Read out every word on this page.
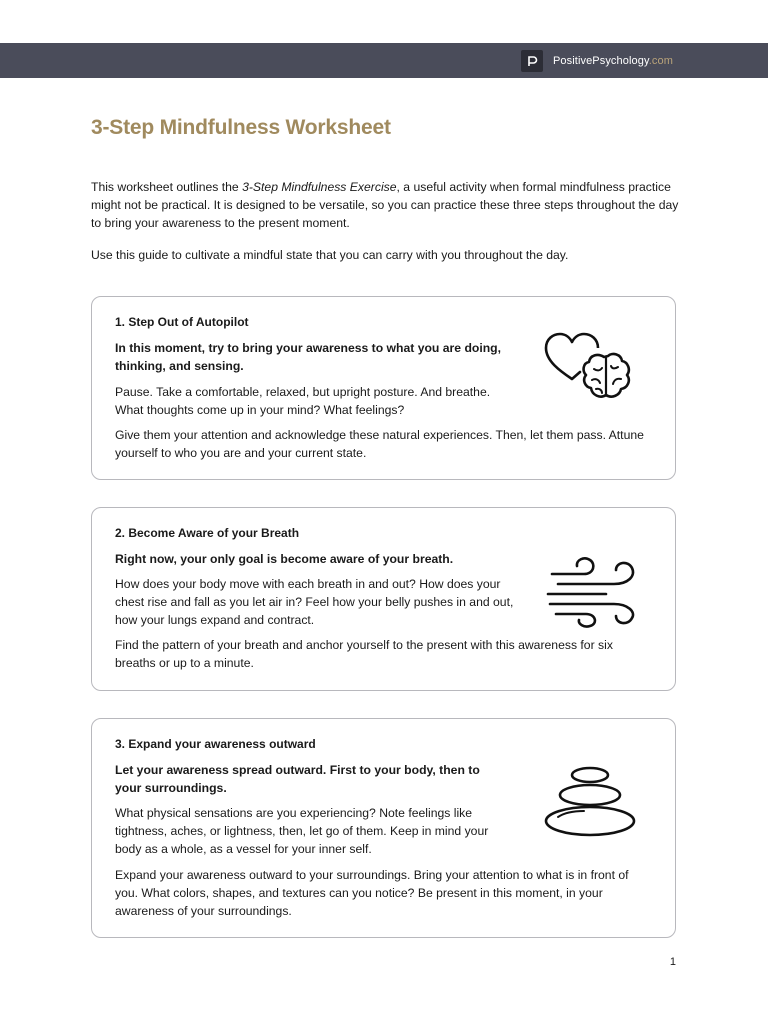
PositivePsychology.com
3-Step Mindfulness Worksheet

This worksheet outlines the 3-Step Mindfulness Exercise, a useful activity when formal mindfulness practice might not be practical. It is designed to be versatile, so you can practice these three steps throughout the day to bring your awareness to the present moment.

Use this guide to cultivate a mindful state that you can carry with you throughout the day.

1. Step Out of Autopilot

In this moment, try to bring your awareness to what you are doing, thinking, and sensing.

Pause. Take a comfortable, relaxed, but upright posture. And breathe. What thoughts come up in your mind? What feelings?

Give them your attention and acknowledge these natural experiences. Then, let them pass. Attune yourself to who you are and your current state.

2. Become Aware of your Breath

Right now, your only goal is become aware of your breath.

How does your body move with each breath in and out? How does your chest rise and fall as you let air in? Feel how your belly pushes in and out, how your lungs expand and contract.

Find the pattern of your breath and anchor yourself to the present with this awareness for six breaths or up to a minute.

3. Expand your awareness outward

Let your awareness spread outward. First to your body, then to your surroundings.

What physical sensations are you experiencing? Note feelings like tightness, aches, or lightness, then, let go of them. Keep in mind your body as a whole, as a vessel for your inner self.

Expand your awareness outward to your surroundings. Bring your attention to what is in front of you. What colors, shapes, and textures can you notice? Be present in this moment, in your awareness of your surroundings.

1
